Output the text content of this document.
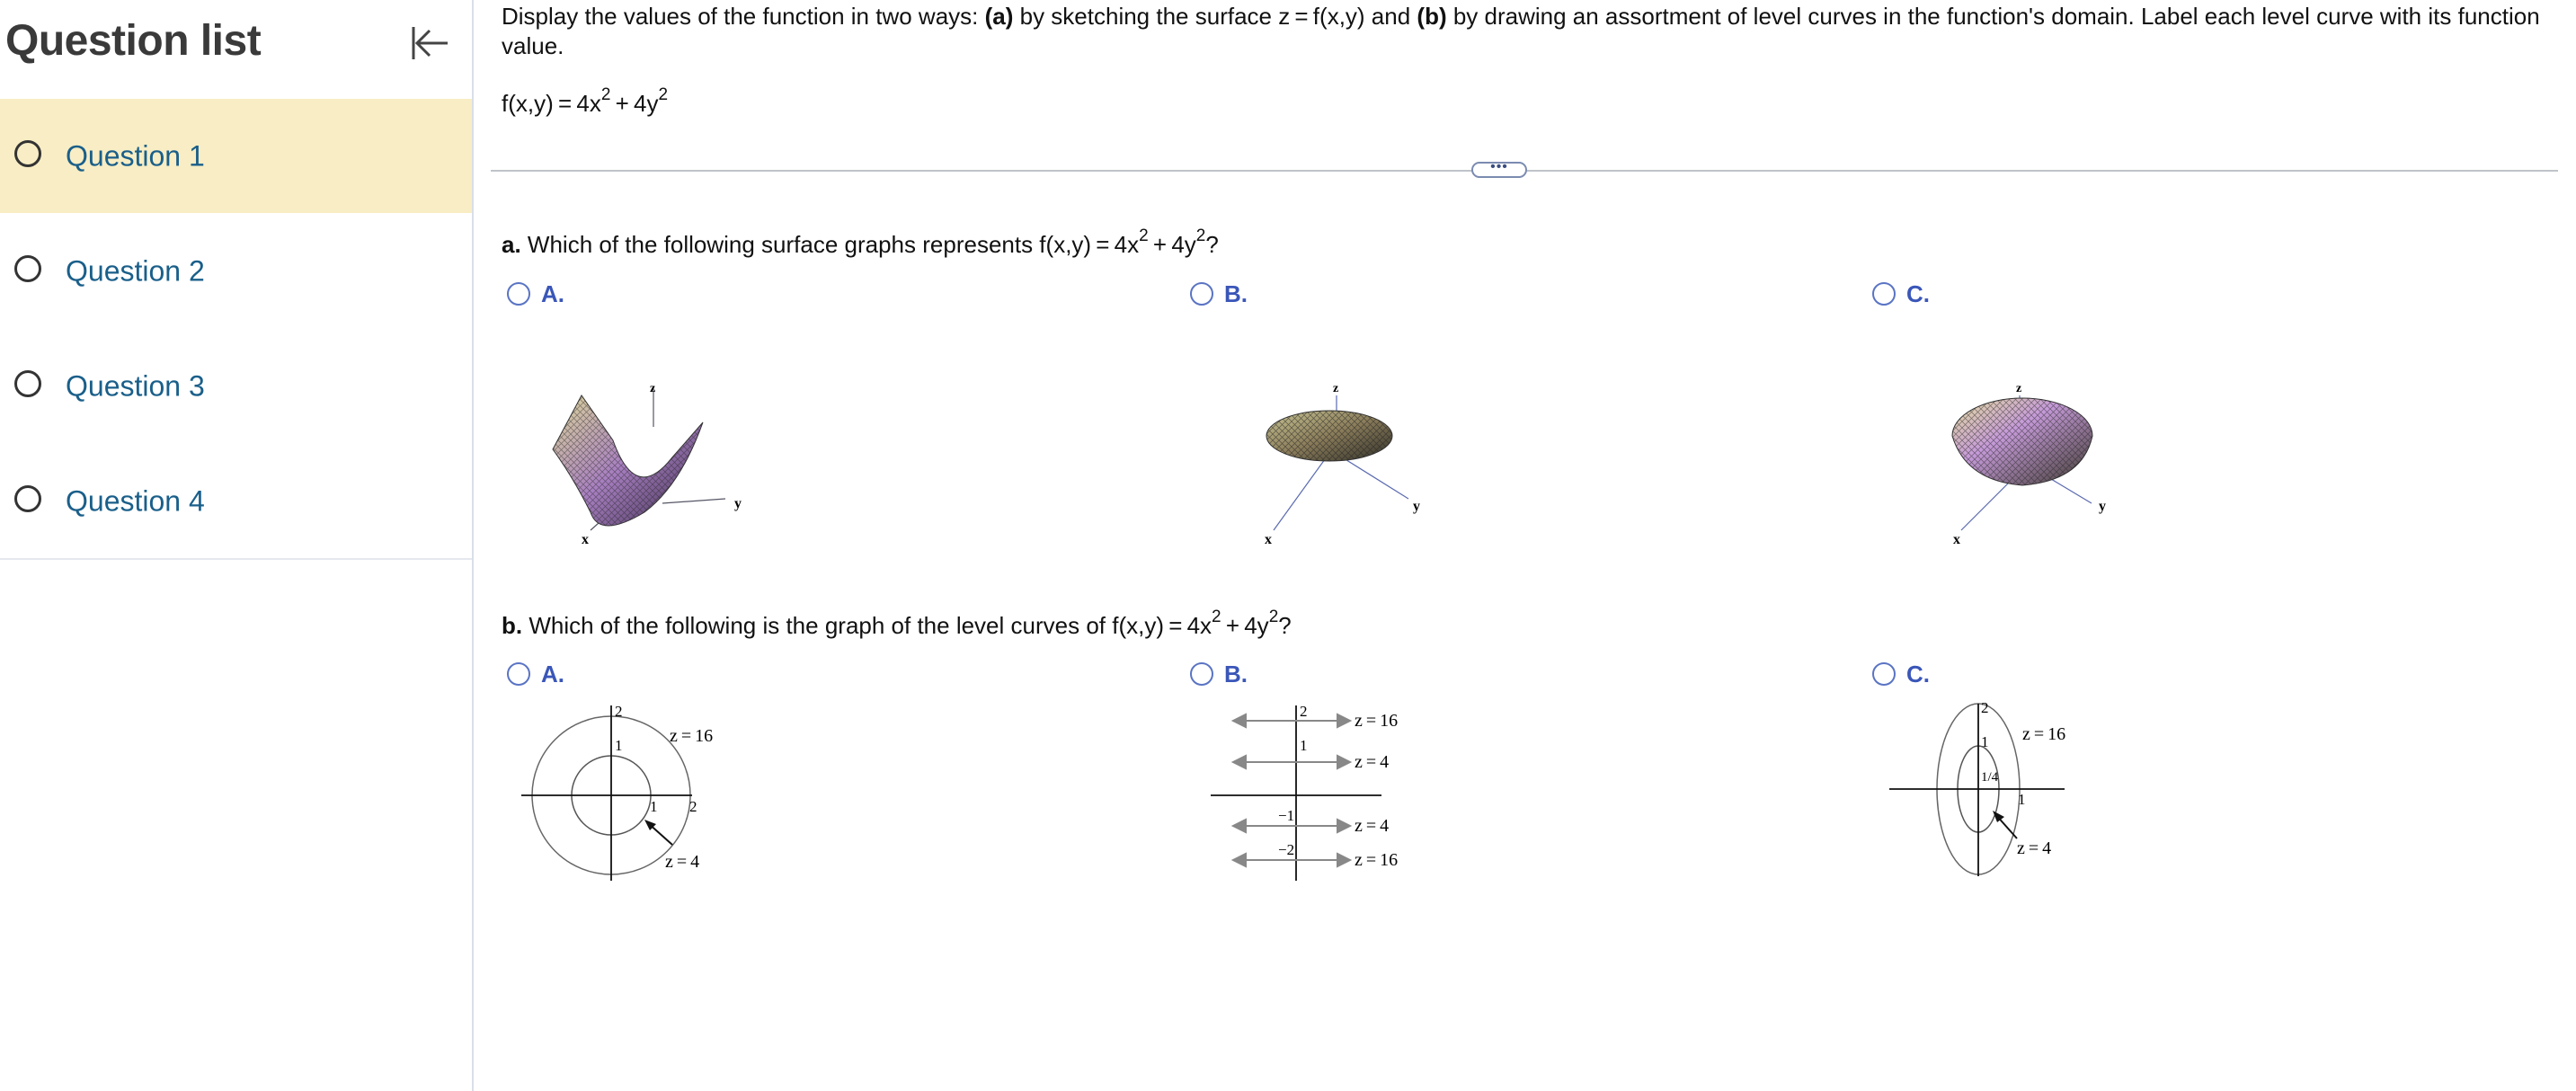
Question list
Question 1
Question 2
Question 3
Question 4
Display the values of the function in two ways: (a) by sketching the surface z = f(x,y) and (b) by drawing an assortment of level curves in the function's domain. Label each level curve with its function
value.
$f(x,y) = 4x^2 + 4y^2$
•••
a. Which of the following surface graphs represents $f(x,y) = 4x^2 + 4y^2$?
A.	B.	C.
z
x
y
z
x
y
z
x
y
b. Which of the following is the graph of the level curves of $f(x,y) = 4x^2 + 4y^2$?
A.	B.	C.
2
1
1 2
z = 16
z = 4
2
1
−1
−2
z = 16
z = 4
z = 4
z = 16
2
1
1/4
1
z = 16
z = 4
